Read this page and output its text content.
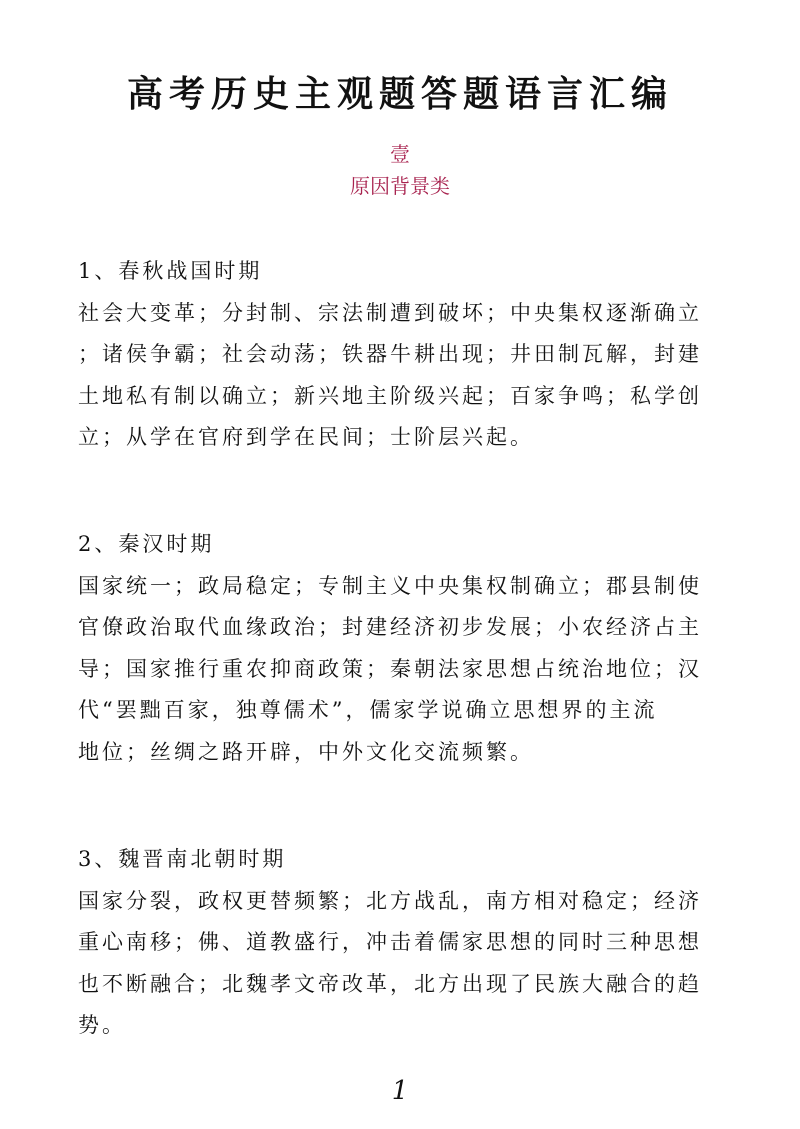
高考历史主观题答题语言汇编
壹
原因背景类
1、春秋战国时期
社会大变革；分封制、宗法制遭到破坏；中央集权逐渐确立
；诸侯争霸；社会动荡；铁器牛耕出现；井田制瓦解，封建
土地私有制以确立；新兴地主阶级兴起；百家争鸣；私学创
立；从学在官府到学在民间；士阶层兴起。
2、秦汉时期
国家统一；政局稳定；专制主义中央集权制确立；郡县制使
官僚政治取代血缘政治；封建经济初步发展；小农经济占主
导；国家推行重农抑商政策；秦朝法家思想占统治地位；汉
代“罢黜百家，独尊儒术”，儒家学说确立思想界的主流
地位；丝绸之路开辟，中外文化交流频繁。
3、魏晋南北朝时期
国家分裂，政权更替频繁；北方战乱，南方相对稳定；经济
重心南移；佛、道教盛行，冲击着儒家思想的同时三种思想
也不断融合；北魏孝文帝改革，北方出现了民族大融合的趋
势。
1
